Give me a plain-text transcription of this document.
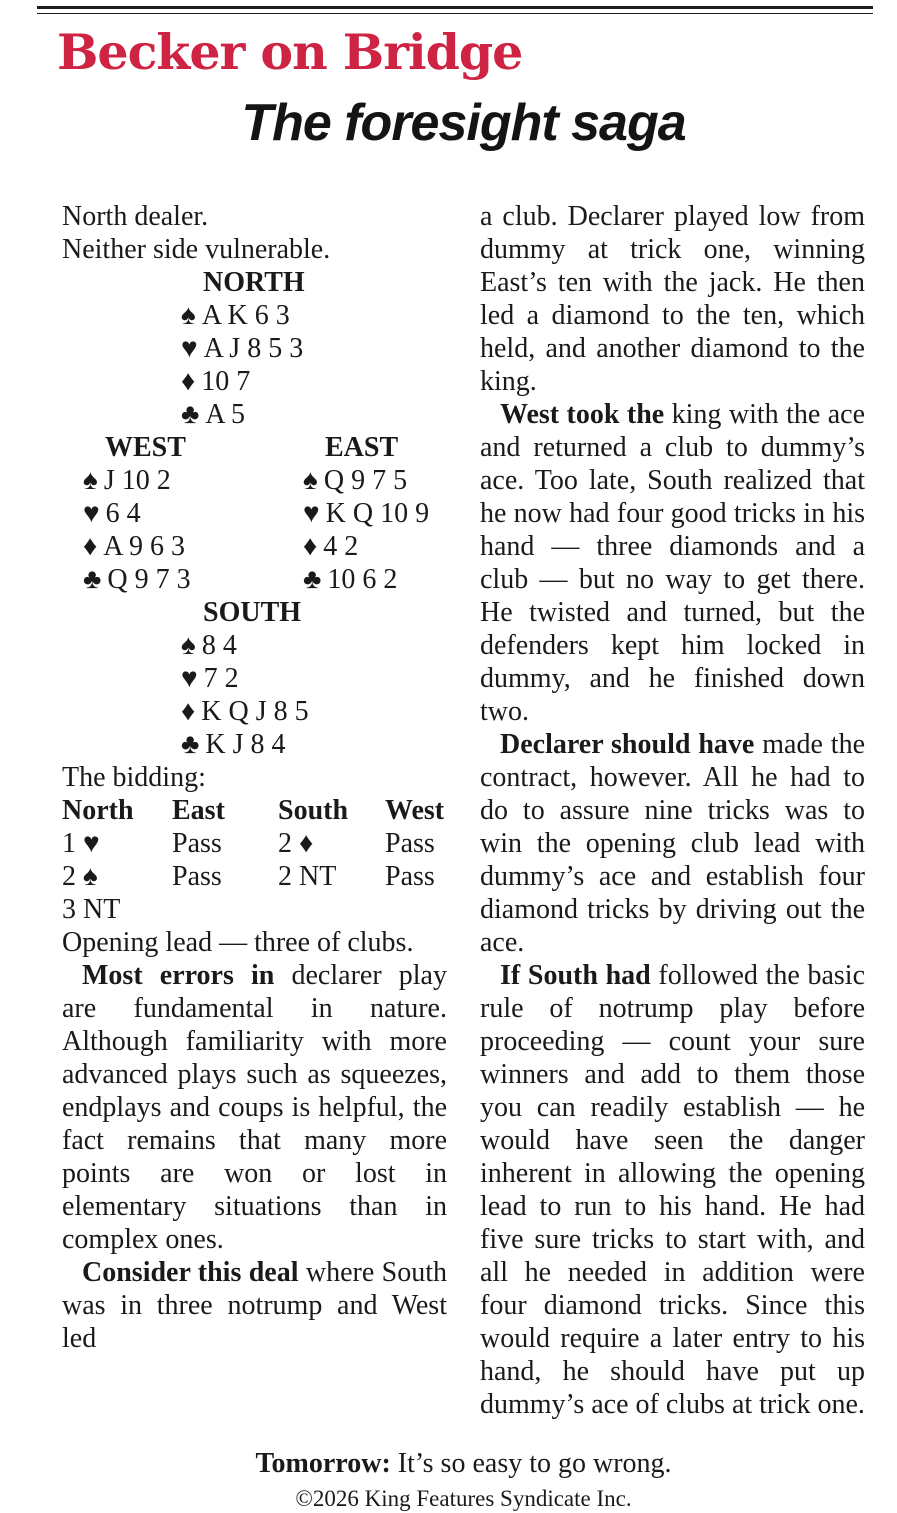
Becker on Bridge
The foresight saga
North dealer.
Neither side vulnerable.
NORTH
♠ A K 6 3
♥ A J 8 5 3
♦ 10 7
♣ A 5
WEST
♠ J 10 2
♥ 6 4
♦ A 9 6 3
♣ Q 9 7 3
EAST
♠ Q 9 7 5
♥ K Q 10 9
♦ 4 2
♣ 10 6 2
SOUTH
♠ 8 4
♥ 7 2
♦ K Q J 8 5
♣ K J 8 4
The bidding:
North	East	South	West
1 ♥	Pass	2 ♦	Pass
2 ♠	Pass	2 NT	Pass
3 NT
Opening lead — three of clubs.

Most errors in declarer play are fundamental in nature. Although familiarity with more advanced plays such as squeezes, endplays and coups is helpful, the fact remains that many more points are won or lost in elementary situations than in complex ones.

Consider this deal where South was in three notrump and West led

a club. Declarer played low from dummy at trick one, winning East’s ten with the jack. He then led a diamond to the ten, which held, and another diamond to the king.

West took the king with the ace and returned a club to dummy’s ace. Too late, South realized that he now had four good tricks in his hand — three diamonds and a club — but no way to get there. He twisted and turned, but the defenders kept him locked in dummy, and he finished down two.

Declarer should have made the contract, however. All he had to do to assure nine tricks was to win the opening club lead with dummy’s ace and establish four diamond tricks by driving out the ace.

If South had followed the basic rule of notrump play before proceeding — count your sure winners and add to them those you can readily establish — he would have seen the danger inherent in allowing the opening lead to run to his hand. He had five sure tricks to start with, and all he needed in addition were four diamond tricks. Since this would require a later entry to his hand, he should have put up dummy’s ace of clubs at trick one.

Tomorrow: It’s so easy to go wrong.
©2026 King Features Syndicate Inc.
